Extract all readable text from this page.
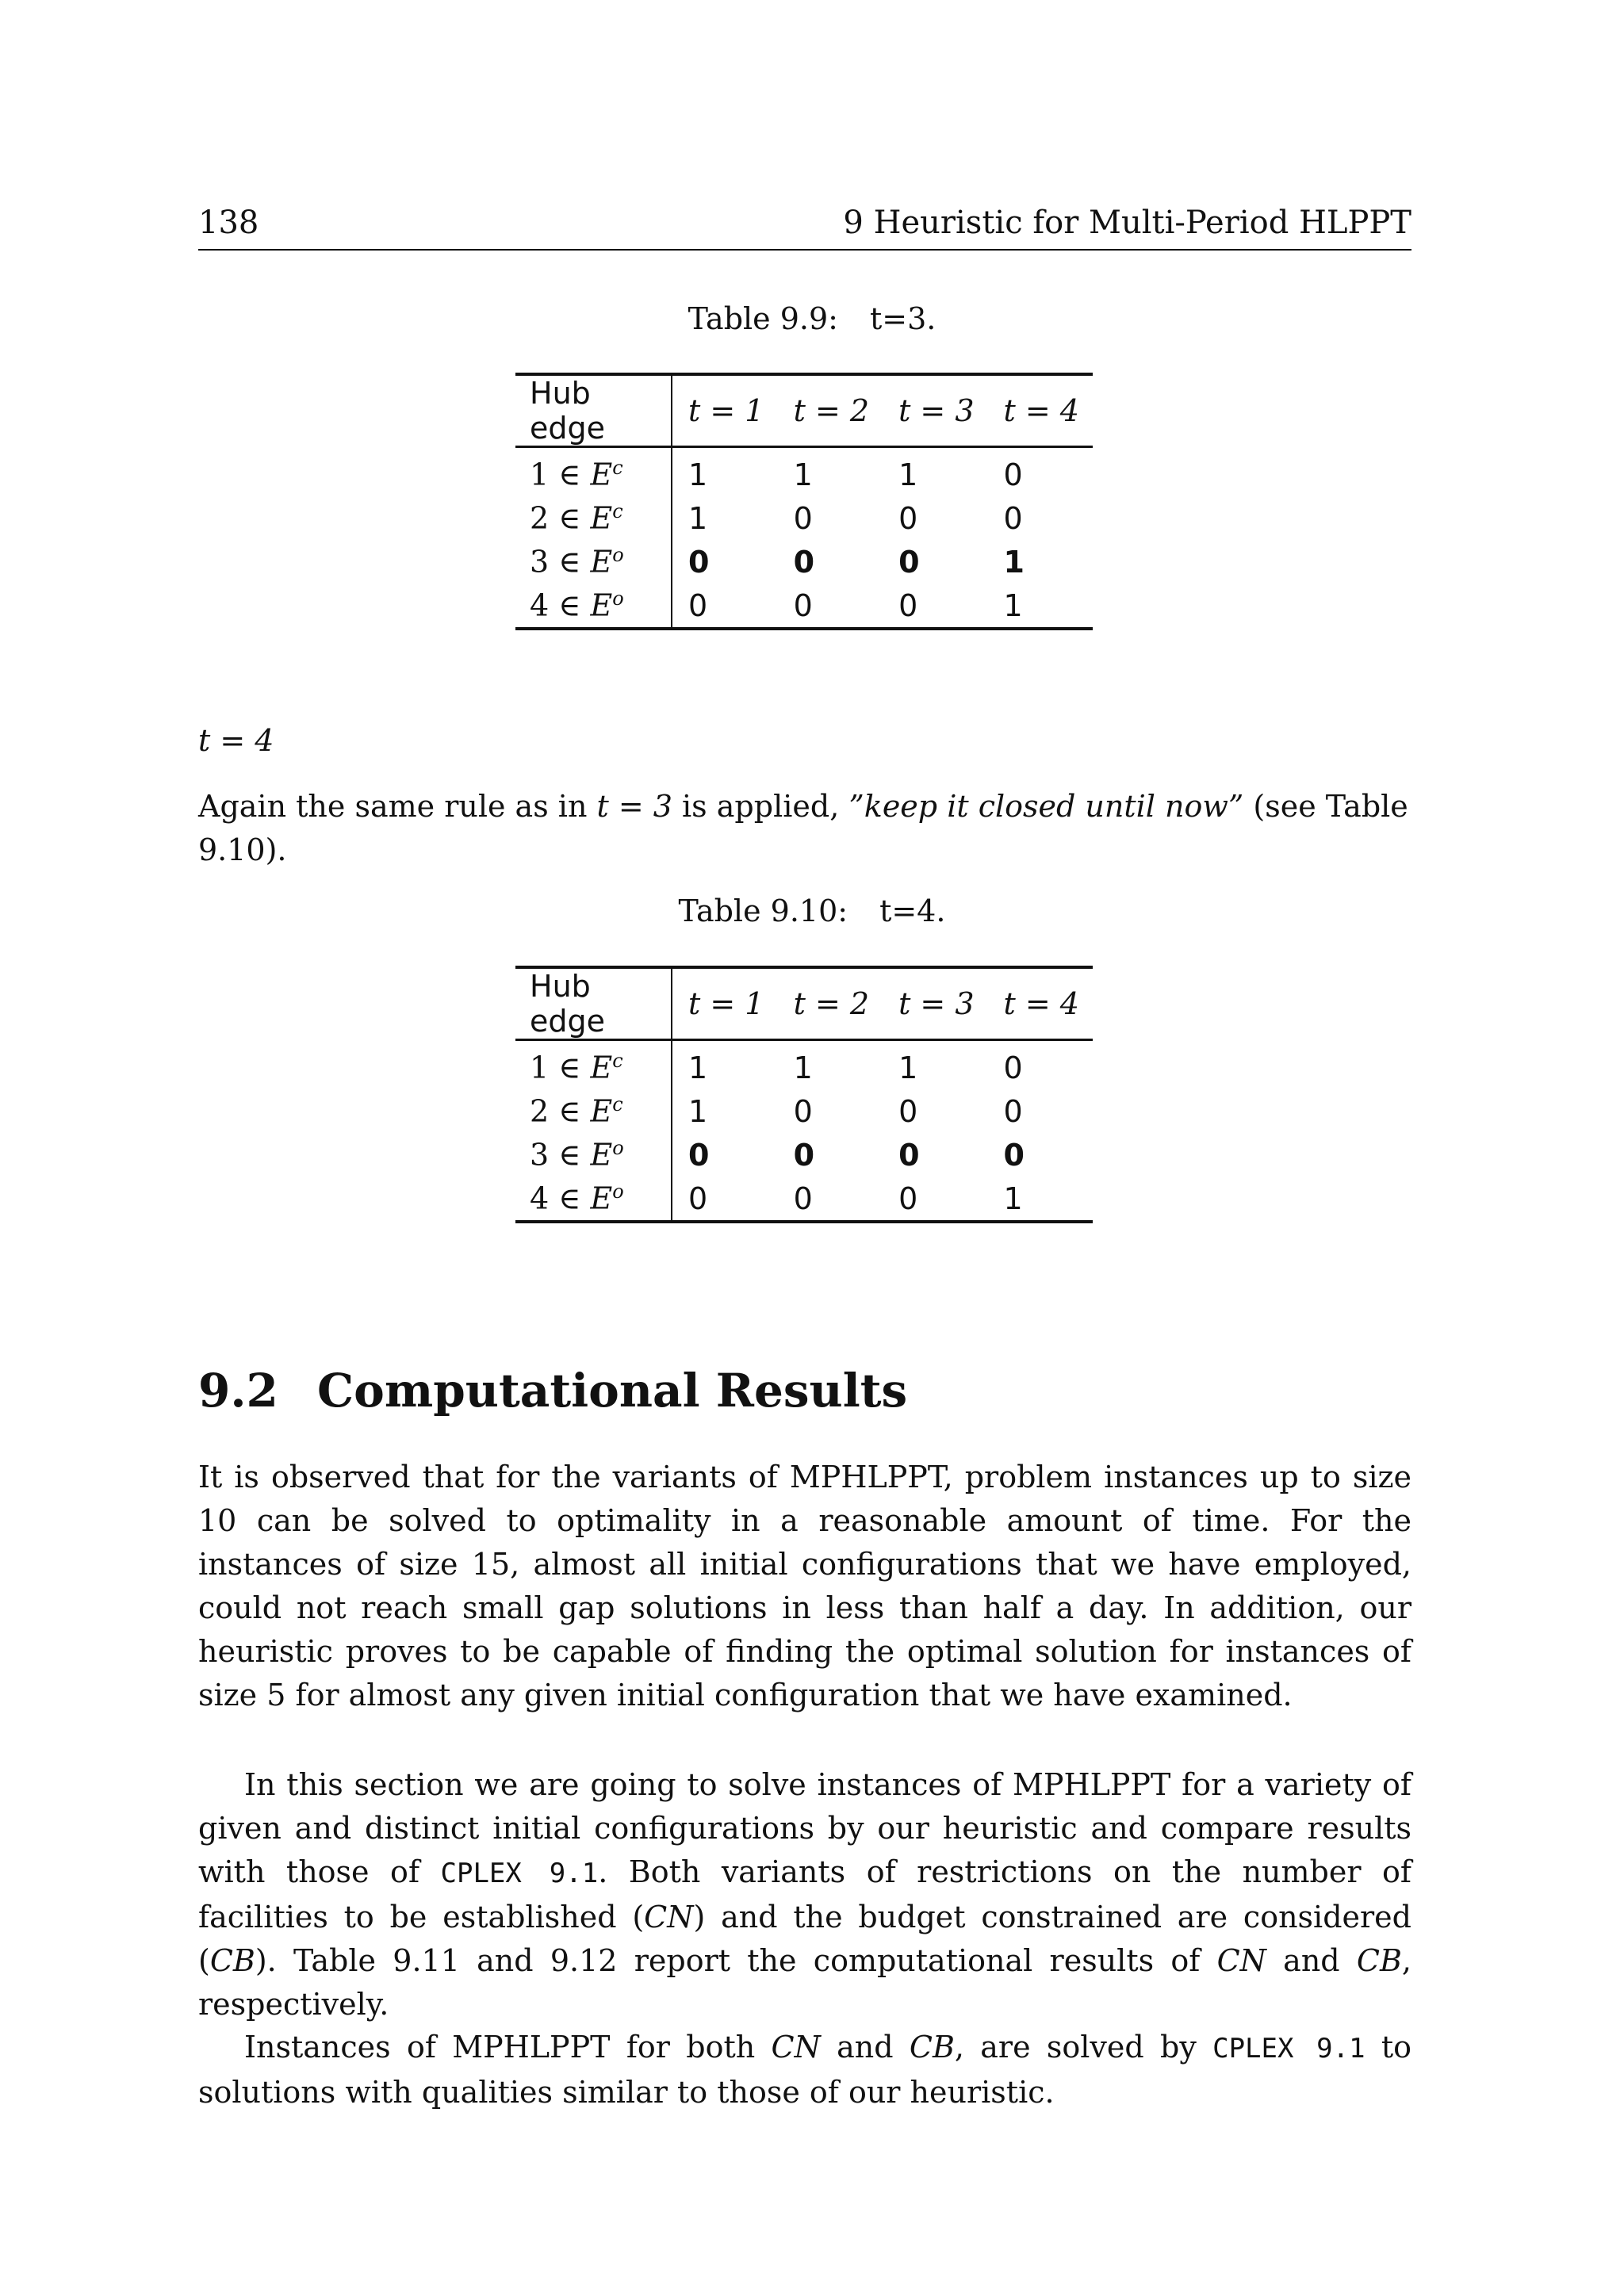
138	9 Heuristic for Multi-Period HLPPT
Table 9.9: t=3.
Hub edge	t = 1	t = 2	t = 3	t = 4
1 ∈ $E^c$	1	1	1	0
2 ∈ $E^c$	1	0	0	0
3 ∈ $E^o$	0	0	0	1
4 ∈ $E^o$	0	0	0	1
t = 4
Again the same rule as in t = 3 is applied, ”keep it closed until now” (see Table 9.10).
Table 9.10: t=4.
Hub edge	t = 1	t = 2	t = 3	t = 4
1 ∈ $E^c$	1	1	1	0
2 ∈ $E^c$	1	0	0	0
3 ∈ $E^o$	0	0	0	0
4 ∈ $E^o$	0	0	0	1
9.2 Computational Results
It is observed that for the variants of MPHLPPT, problem instances up to size 10 can be solved to optimality in a reasonable amount of time. For the instances of size 15, almost all initial configurations that we have employed, could not reach small gap solutions in less than half a day. In addition, our heuristic proves to be capable of finding the optimal solution for instances of size 5 for almost any given initial configuration that we have examined.
In this section we are going to solve instances of MPHLPPT for a variety of given and distinct initial configurations by our heuristic and compare results with those of CPLEX 9.1. Both variants of restrictions on the number of facilities to be established (CN) and the budget constrained are considered (CB). Table 9.11 and 9.12 report the computational results of CN and CB, respectively.
Instances of MPHLPPT for both CN and CB, are solved by CPLEX 9.1 to solutions with qualities similar to those of our heuristic.
